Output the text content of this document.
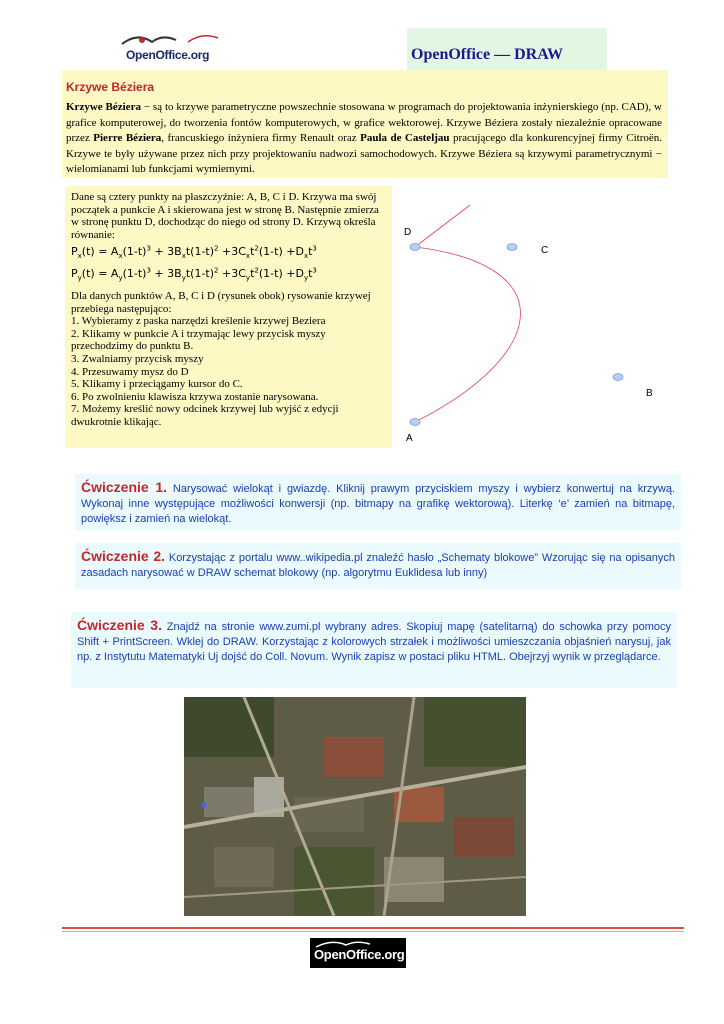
OpenOffice.org	OpenOffice — DRAW
Krzywe Béziera
Krzywe Béziera − są to krzywe parametryczne powszechnie stosowana w programach do projektowania inżynierskiego (np. CAD), w grafice komputerowej, do tworzenia fontów komputerowych, w grafice wektorowej. Krzywe Béziera zostały niezależnie opracowane przez Pierre Béziera, francuskiego inżyniera firmy Renault oraz Paula de Casteljau pracującego dla konkurencyjnej firmy Citroën. Krzywe te były używane przez nich przy projektowaniu nadwozi samochodowych. Krzywe Béziera są krzywymi parametrycznymi − wielomianami lub funkcjami wymiernymi.
Dane są cztery punkty na płaszczyźnie: A, B, C i D. Krzywa ma swój początek a punkcie A i skierowana jest w stronę B. Następnie zmierza w stronę punktu D, dochodząc do niego od strony D. Krzywą określa równanie:
$P_x(t) = A_x(1-t)^3 + 3B_xt(1-t)^2 +3C_xt^2(1-t) +D_xt^3$
$P_y(t) = A_y(1-t)^3 + 3B_yt(1-t)^2 +3C_yt^2(1-t) +D_yt^3$
Dla danych punktów A, B, C i D (rysunek obok) rysowanie krzywej przebiega następująco:
1. Wybieramy z paska narzędzi kreślenie krzywej Beziera
2. Klikamy w punkcie A i trzymając lewy przycisk myszy przechodzimy do punktu B.
3. Zwalniamy przycisk myszy
4. Przesuwamy mysz do D
5. Klikamy i przeciągamy kursor do C.
6. Po zwolnieniu klawisza krzywa zostanie narysowana.
7. Możemy kreślić nowy odcinek krzywej lub wyjść z edycji dwukrotnie klikając.
D
C
B
A

Ćwiczenie 1. Narysować wielokąt i gwiazdę. Kliknij prawym przyciskiem myszy i wybierz konwertuj na krzywą. Wykonaj inne występujące możliwości konwersji (np. bitmapy na grafikę wektorową). Literkę ‘e’ zamień na bitmapę, powiększ i zamień na wielokąt.

Ćwiczenie 2. Korzystając z portalu www..wikipedia.pl znaleźć hasło „Schematy blokowe” Wzorując się na opisanych zasadach narysować w DRAW schemat blokowy (np. algorytmu Euklidesa lub inny)

Ćwiczenie 3. Znajdź na stronie www.zumi.pl wybrany adres. Skopiuj mapę (satelitarną) do schowka przy pomocy Shift + PrintScreen. Wklej do DRAW. Korzystając z kolorowych strzałek i możliwości umieszczania objaśnień narysuj, jak np. z Instytutu Matematyki Uj dojść do Coll. Novum. Wynik zapisz w postaci pliku HTML. Obejrzyj wynik w przeglądarce.

OpenOffice.org
